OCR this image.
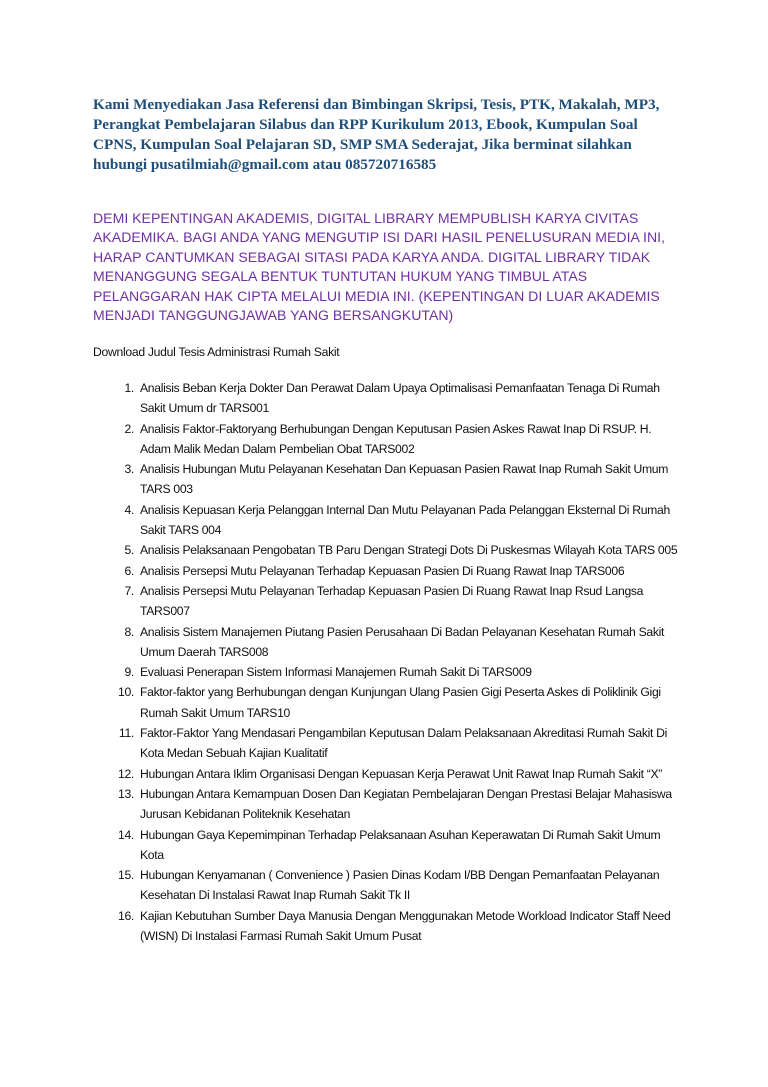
Kami Menyediakan Jasa Referensi dan Bimbingan Skripsi, Tesis, PTK, Makalah, MP3, Perangkat Pembelajaran Silabus dan RPP Kurikulum 2013, Ebook, Kumpulan Soal CPNS, Kumpulan Soal Pelajaran SD, SMP SMA Sederajat, Jika berminat silahkan hubungi pusatilmiah@gmail.com atau 085720716585

DEMI KEPENTINGAN AKADEMIS, DIGITAL LIBRARY MEMPUBLISH KARYA CIVITAS AKADEMIKA. BAGI ANDA YANG MENGUTIP ISI DARI HASIL PENELUSURAN MEDIA INI, HARAP CANTUMKAN SEBAGAI SITASI PADA KARYA ANDA. DIGITAL LIBRARY TIDAK MENANGGUNG SEGALA BENTUK TUNTUTAN HUKUM YANG TIMBUL ATAS PELANGGARAN HAK CIPTA MELALUI MEDIA INI. (KEPENTINGAN DI LUAR AKADEMIS MENJADI TANGGUNGJAWAB YANG BERSANGKUTAN)

Download Judul Tesis Administrasi Rumah Sakit

1. Analisis Beban Kerja Dokter Dan Perawat Dalam Upaya Optimalisasi Pemanfaatan Tenaga Di Rumah Sakit Umum dr TARS001
2. Analisis Faktor-Faktoryang Berhubungan Dengan Keputusan Pasien Askes Rawat Inap Di RSUP. H. Adam Malik Medan Dalam Pembelian Obat TARS002
3. Analisis Hubungan Mutu Pelayanan Kesehatan Dan Kepuasan Pasien Rawat Inap Rumah Sakit Umum TARS 003
4. Analisis Kepuasan Kerja Pelanggan Internal Dan Mutu Pelayanan Pada Pelanggan Eksternal Di Rumah Sakit TARS 004
5. Analisis Pelaksanaan Pengobatan TB Paru Dengan Strategi Dots Di Puskesmas Wilayah Kota TARS 005
6. Analisis Persepsi Mutu Pelayanan Terhadap Kepuasan Pasien Di Ruang Rawat Inap TARS006
7. Analisis Persepsi Mutu Pelayanan Terhadap Kepuasan Pasien Di Ruang Rawat Inap Rsud Langsa TARS007
8. Analisis Sistem Manajemen Piutang Pasien Perusahaan Di Badan Pelayanan Kesehatan Rumah Sakit Umum Daerah TARS008
9. Evaluasi Penerapan Sistem Informasi Manajemen Rumah Sakit Di TARS009
10. Faktor-faktor yang Berhubungan dengan Kunjungan Ulang Pasien Gigi Peserta Askes di Poliklinik Gigi Rumah Sakit Umum TARS10
11. Faktor-Faktor Yang Mendasari Pengambilan Keputusan Dalam Pelaksanaan Akreditasi Rumah Sakit Di Kota Medan Sebuah Kajian Kualitatif
12. Hubungan Antara Iklim Organisasi Dengan Kepuasan Kerja Perawat Unit Rawat Inap Rumah Sakit “X”
13. Hubungan Antara Kemampuan Dosen Dan Kegiatan Pembelajaran Dengan Prestasi Belajar Mahasiswa Jurusan Kebidanan Politeknik Kesehatan
14. Hubungan Gaya Kepemimpinan Terhadap Pelaksanaan Asuhan Keperawatan Di Rumah Sakit Umum Kota
15. Hubungan Kenyamanan ( Convenience ) Pasien Dinas Kodam I/BB Dengan Pemanfaatan Pelayanan Kesehatan Di Instalasi Rawat Inap Rumah Sakit Tk II
16. Kajian Kebutuhan Sumber Daya Manusia Dengan Menggunakan Metode Workload Indicator Staff Need (WISN) Di Instalasi Farmasi Rumah Sakit Umum Pusat
